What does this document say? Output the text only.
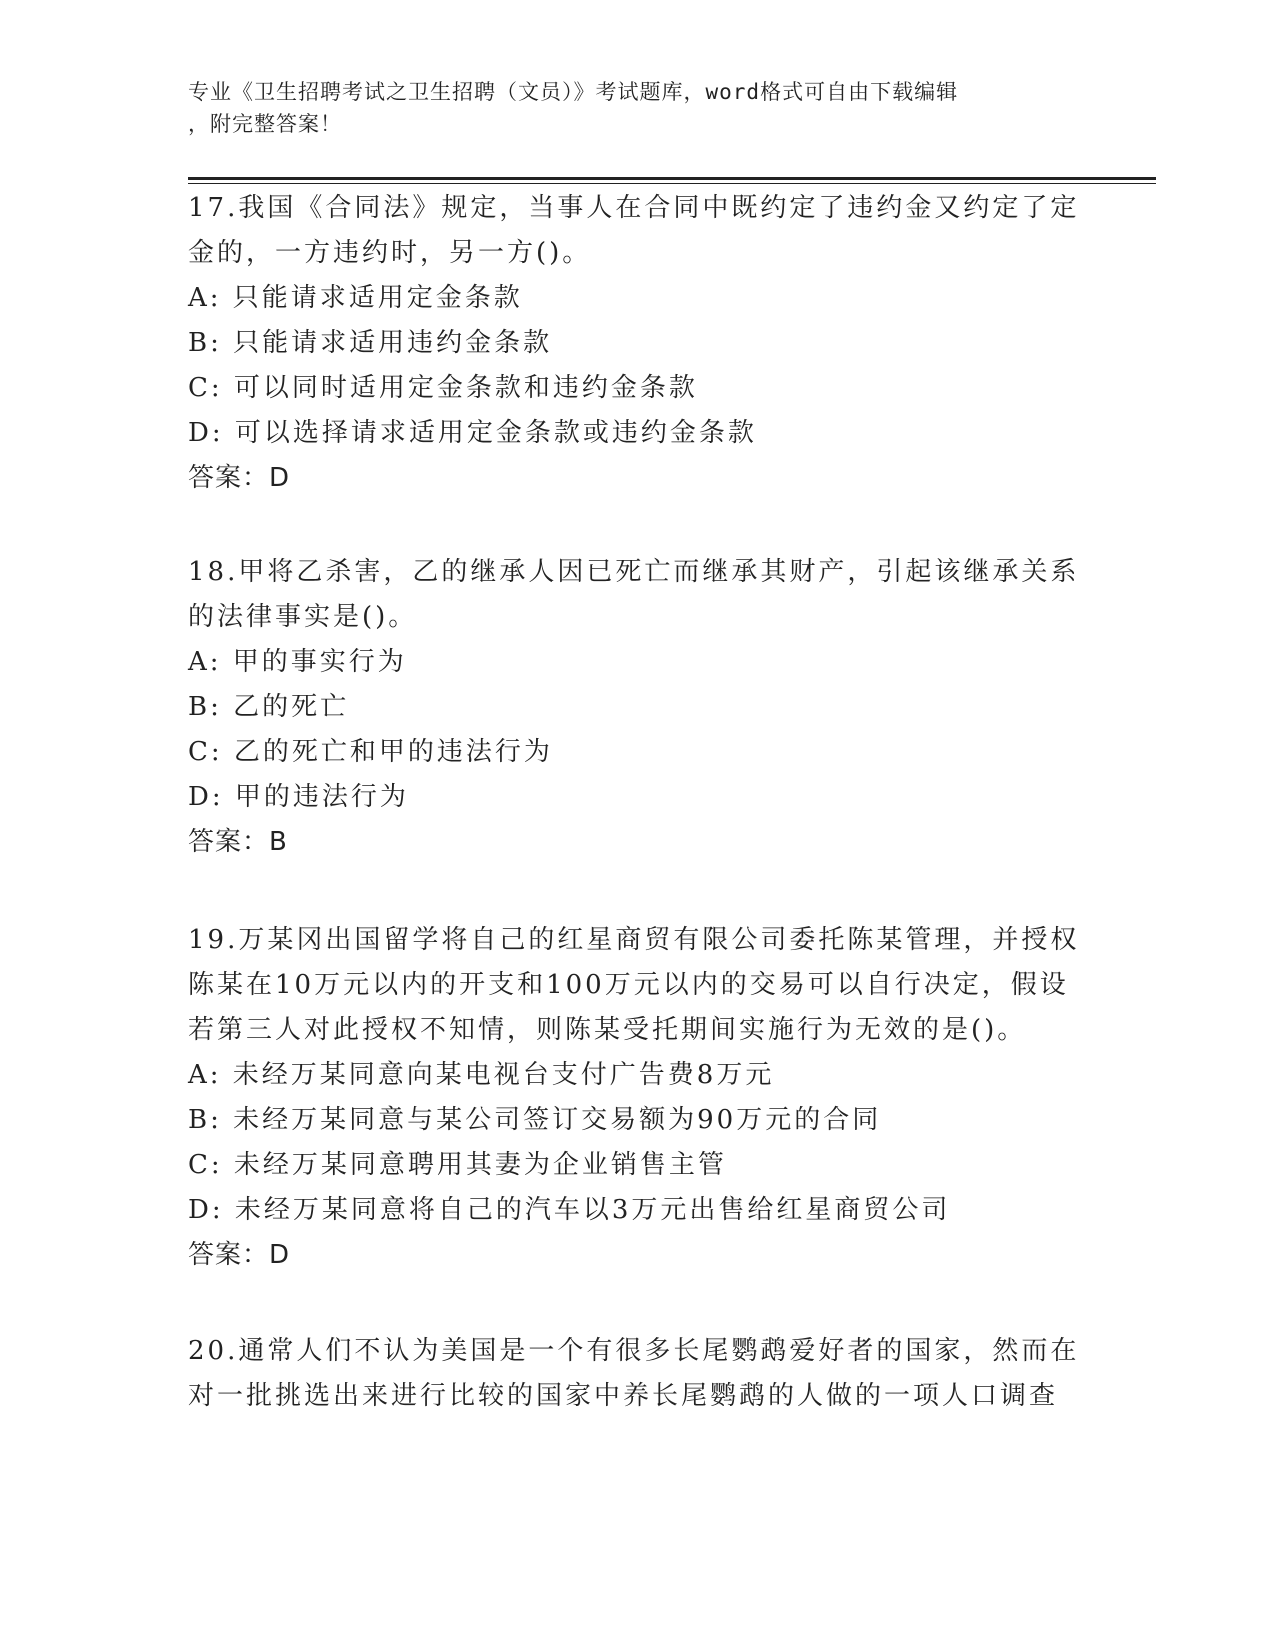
专业《卫生招聘考试之卫生招聘（文员）》考试题库，word格式可自由下载编辑
，附完整答案！
17.我国《合同法》规定，当事人在合同中既约定了违约金又约定了定
金的，一方违约时，另一方()。
A: 只能请求适用定金条款
B: 只能请求适用违约金条款
C: 可以同时适用定金条款和违约金条款
D: 可以选择请求适用定金条款或违约金条款
答案：D
18.甲将乙杀害，乙的继承人因已死亡而继承其财产，引起该继承关系
的法律事实是()。
A: 甲的事实行为
B: 乙的死亡
C: 乙的死亡和甲的违法行为
D: 甲的违法行为
答案：B
19.万某冈出国留学将自己的红星商贸有限公司委托陈某管理，并授权
陈某在10万元以内的开支和100万元以内的交易可以自行决定，假设
若第三人对此授权不知情，则陈某受托期间实施行为无效的是()。
A: 未经万某同意向某电视台支付广告费8万元
B: 未经万某同意与某公司签订交易额为90万元的合同
C: 未经万某同意聘用其妻为企业销售主管
D: 未经万某同意将自己的汽车以3万元出售给红星商贸公司
答案：D
20.通常人们不认为美国是一个有很多长尾鹦鹉爱好者的国家，然而在
对一批挑选出来进行比较的国家中养长尾鹦鹉的人做的一项人口调查
